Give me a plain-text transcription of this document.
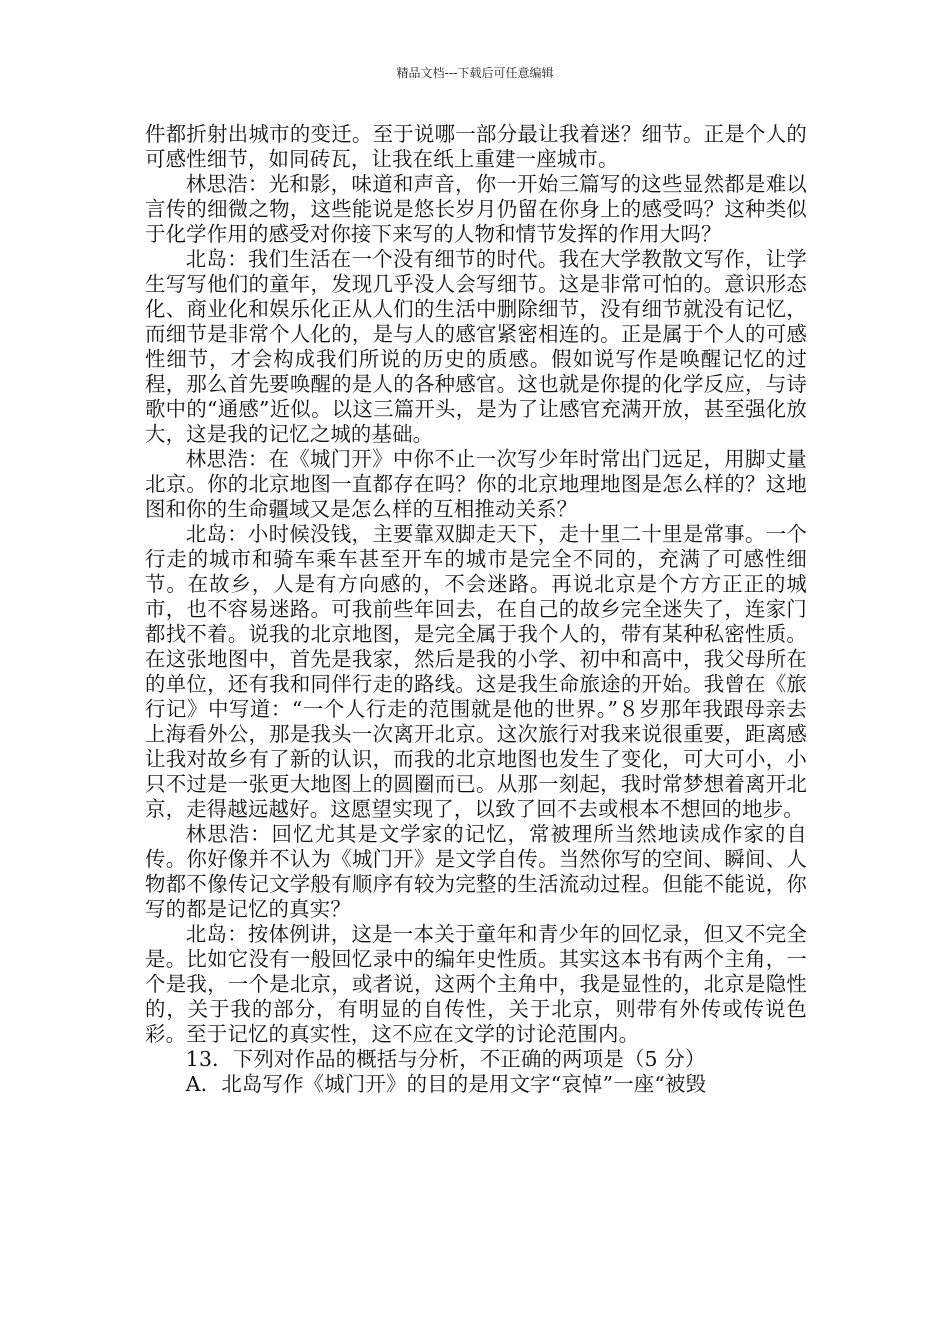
精品文档---下载后可任意编辑

件都折射出城市的变迁。至于说哪一部分最让我着迷？细节。正是个人的可感性细节，如同砖瓦，让我在纸上重建一座城市。

林思浩：光和影，味道和声音，你一开始三篇写的这些显然都是难以言传的细微之物，这些能说是悠长岁月仍留在你身上的感受吗？这种类似于化学作用的感受对你接下来写的人物和情节发挥的作用大吗？

北岛：我们生活在一个没有细节的时代。我在大学教散文写作，让学生写写他们的童年，发现几乎没人会写细节。这是非常可怕的。意识形态化、商业化和娱乐化正从人们的生活中删除细节，没有细节就没有记忆，而细节是非常个人化的，是与人的感官紧密相连的。正是属于个人的可感性细节，才会构成我们所说的历史的质感。假如说写作是唤醒记忆的过程，那么首先要唤醒的是人的各种感官。这也就是你提的化学反应，与诗歌中的“通感”近似。以这三篇开头，是为了让感官充满开放，甚至强化放大，这是我的记忆之城的基础。

林思浩：在《城门开》中你不止一次写少年时常出门远足，用脚丈量北京。你的北京地图一直都存在吗？你的北京地理地图是怎么样的？这地图和你的生命疆域又是怎么样的互相推动关系？

北岛：小时候没钱，主要靠双脚走天下，走十里二十里是常事。一个行走的城市和骑车乘车甚至开车的城市是完全不同的，充满了可感性细节。在故乡，人是有方向感的，不会迷路。再说北京是个方方正正的城市，也不容易迷路。可我前些年回去，在自己的故乡完全迷失了，连家门都找不着。说我的北京地图，是完全属于我个人的，带有某种私密性质。在这张地图中，首先是我家，然后是我的小学、初中和高中，我父母所在的单位，还有我和同伴行走的路线。这是我生命旅途的开始。我曾在《旅行记》中写道：“一个人行走的范围就是他的世界。”８岁那年我跟母亲去上海看外公，那是我头一次离开北京。这次旅行对我来说很重要，距离感让我对故乡有了新的认识，而我的北京地图也发生了变化，可大可小，小只不过是一张更大地图上的圆圈而已。从那一刻起，我时常梦想着离开北京，走得越远越好。这愿望实现了，以致了回不去或根本不想回的地步。

林思浩：回忆尤其是文学家的记忆，常被理所当然地读成作家的自传。你好像并不认为《城门开》是文学自传。当然你写的空间、瞬间、人物都不像传记文学般有顺序有较为完整的生活流动过程。但能不能说，你写的都是记忆的真实？

北岛：按体例讲，这是一本关于童年和青少年的回忆录，但又不完全是。比如它没有一般回忆录中的编年史性质。其实这本书有两个主角，一个是我，一个是北京，或者说，这两个主角中，我是显性的，北京是隐性的，关于我的部分，有明显的自传性，关于北京，则带有外传或传说色彩。至于记忆的真实性，这不应在文学的讨论范围内。

13．下列对作品的概括与分析，不正确的两项是（5 分）

A．北岛写作《城门开》的目的是用文字“哀悼”一座“被毁
